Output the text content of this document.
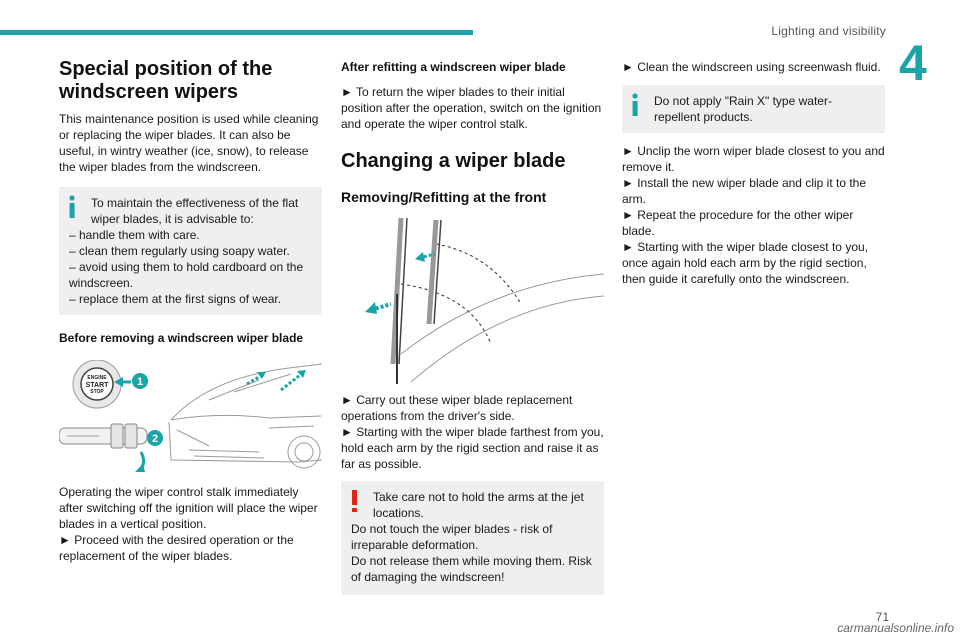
Lighting and visibility
4
Special position of the windscreen wipers

This maintenance position is used while cleaning or replacing the wiper blades. It can also be useful, in wintry weather (ice, snow), to release the wiper blades from the windscreen.

To maintain the effectiveness of the flat wiper blades, it is advisable to:
– handle them with care.
– clean them regularly using soapy water.
– avoid using them to hold cardboard on the windscreen.
– replace them at the first signs of wear.
Before removing a windscreen wiper blade
ENGINE
START
STOP
1
2

Operating the wiper control stalk immediately after switching off the ignition will place the wiper blades in a vertical position.

► Proceed with the desired operation or the replacement of the wiper blades.

After refitting a windscreen wiper blade

► To return the wiper blades to their initial position after the operation, switch on the ignition and operate the wiper control stalk.

Changing a wiper blade
Removing/Refitting at the front

► Carry out these wiper blade replacement operations from the driver's side.

► Starting with the wiper blade farthest from you, hold each arm by the rigid section and raise it as far as possible.

Take care not to hold the arms at the jet locations.
Do not touch the wiper blades - risk of irreparable deformation.
Do not release them while moving them. Risk of damaging the windscreen!

► Clean the windscreen using screenwash fluid.

Do not apply "Rain X" type water-repellent products.

► Unclip the worn wiper blade closest to you and remove it.

► Install the new wiper blade and clip it to the arm.

► Repeat the procedure for the other wiper blade.

► Starting with the wiper blade closest to you, once again hold each arm by the rigid section, then guide it carefully onto the windscreen.

71
carmanualsonline.info
